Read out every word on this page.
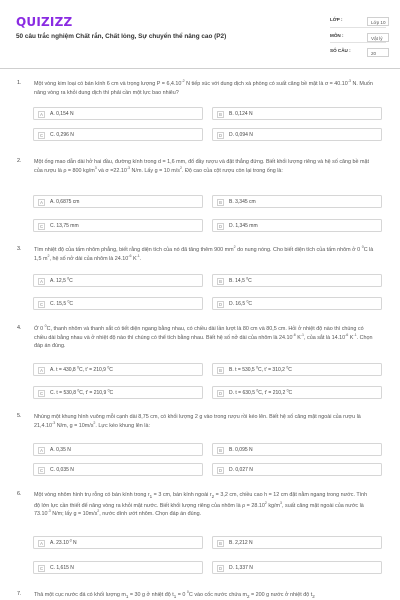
QUIZIZZ
50 câu trắc nghiệm Chất rắn, Chất lỏng, Sự chuyển thể nâng cao (P2)
LỚP :	Lớp 10
MÔN :	Vật lý
SỐ CÂU :	20
1. Một vòng kim loại có bán kính 6 cm và trọng lượng $P = 6,4.10^{-2}$ N tiếp xúc với dung dịch xà phòng có suất căng bề mặt là $\sigma = 40.10^{-3}$ N. Muốn nâng vòng ra khỏi dung dịch thì phải cần một lực bao nhiêu?
A	A. 0,154 N	B	B. 0,124 N
C	C. 0,296 N	D	D. 0,094 N
2. Một ống mao dẫn dài hở hai đầu, đường kính trong d = 1,6 mm, đổ đầy rượu và đặt thẳng đứng. Biết khối lượng riêng và hệ số căng bề mặt của rượu là ρ = 800 $kg/m^3$ và $\sigma =22.10^{-3}$ N/m. Lấy g = 10 $m/s^2$. Độ cao của cột rượu còn lại trong ống là:
A	A. 0,6875 cm	B	B. 3,345 cm
C	C. 13,75 mm	D	D. 1,345 mm
3. Tìm nhiệt độ của tấm nhôm phẳng, biết rằng diện tích của nó đã tăng thêm 900 $mm^2$ do nung nóng. Cho biết diện tích của tấm nhôm ở 0 $^0$C là 1,5 $m^2$, hệ số nở dài của nhôm là $24.10^{-6}$ $K^{-1}$.
A	A. 12,5 $^0$C	B	B. 14,5 $^0$C
C	C. 15,5 $^0$C	D	D. 16,5 $^0$C
4. Ở 0 $^0$C, thanh nhôm và thanh sắt có tiết diện ngang bằng nhau, có chiều dài lần lượt là 80 cm và 80,5 cm. Hỏi ở nhiệt độ nào thì chúng có chiều dài bằng nhau và ở nhiệt độ nào thì chúng có thể tích bằng nhau. Biết hệ số nở dài của nhôm là $24.10^{-6}$ $K^{-1}$, của sắt là $14.10^{-6}$ $K^{-1}$. Chọn đáp án đúng.
A	A. t = 430,8 $^0$C, t' = 210,9 $^0$C	B	B. t = 530,5 $^0$C, t' = 310,2 $^0$C
C	C. t = 530,8 $^0$C, t' = 210,9 $^0$C	D	D. t = 630,5 $^0$C, t' = 210,2 $^0$C
5. Nhúng một khung hình vuông mỗi cạnh dài 8,75 cm, có khối lượng 2 g vào trong rượu rồi kéo lên. Biết hệ số căng mặt ngoài của rượu là $21,4.10^{-3}$ N/m, $g = 10m/s^2$. Lực kéo khung lên là:
A	A. 0,35 N	B	B. 0,095 N
C	C. 0,035 N	D	D. 0,027 N
6. Một vòng nhôm hình trụ rỗng có bán kính trong $r_1 = 3$ cm, bán kính ngoài $r_2 = 3,2$ cm, chiều cao h = 12 cm đặt nằm ngang trong nước. Tính độ lớn lực cần thiết để nâng vòng ra khỏi mặt nước. Biết khối lượng riêng của nhôm là $\rho = 28.10^2$ $kg/m^3$, suất căng mặt ngoài của nước là $73.10^{-3}$ N/m; lấy $g = 10m/s^2$, nước dính ướt nhôm. Chọn đáp án đúng.
A	A. $23.10^{-3}$ N	B	B. 2,212 N
C	C. 1,615 N	D	D. 1,337 N
7. Thả một cục nước đá có khối lượng $m_1 = 30$ g ở nhiệt độ $t_1 = 0$ $^0$C vào cốc nước chứa $m_2 = 200$ g nước ở nhiệt độ $t_2$
